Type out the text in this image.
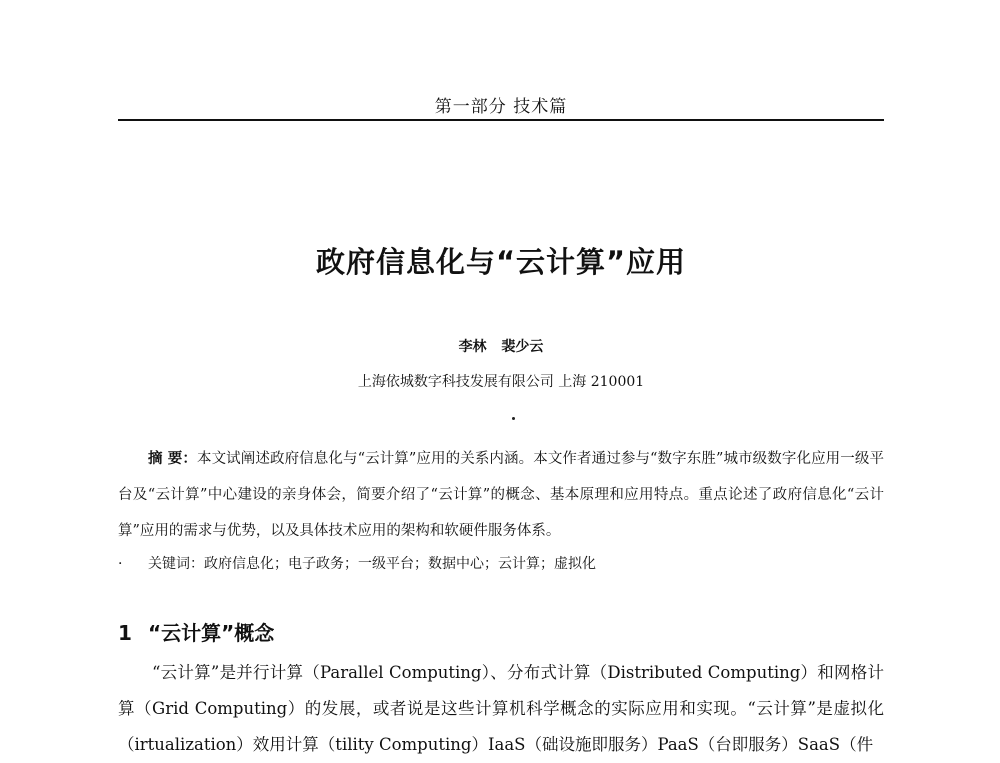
第一部分 技术篇
政府信息化与“云计算”应用
李林 裴少云
上海依城数字科技发展有限公司 上海 210001
摘 要：本文试阐述政府信息化与“云计算”应用的关系内涵。本文作者通过参与“数字东胜”城市级数字化应用一级平台及“云计算”中心建设的亲身体会，简要介绍了“云计算”的概念、基本原理和应用特点。重点论述了政府信息化“云计算”应用的需求与优势，以及具体技术应用的架构和软硬件服务体系。
· 关键词：政府信息化；电子政务；一级平台；数据中心；云计算；虚拟化
1 “云计算”概念
“云计算”是并行计算（Parallel Computing）、分布式计算（Distributed Computing）和网格计算（Grid Computing）的发展，或者说是这些计算机科学概念的实际应用和实现。“云计算”是虚拟化（irtualization）效用计算（tility Computing）IaaS（础设施即服务）PaaS（台即服务）SaaS（件
